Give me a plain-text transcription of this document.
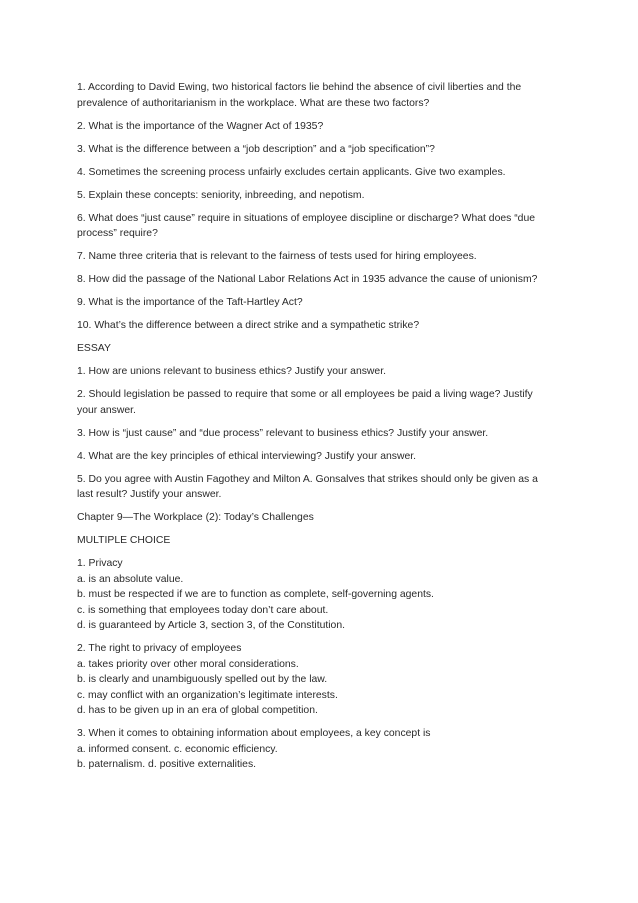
1. According to David Ewing, two historical factors lie behind the absence of civil liberties and the
prevalence of authoritarianism in the workplace. What are these two factors?
2. What is the importance of the Wagner Act of 1935?
3. What is the difference between a “job description” and a “job specification”?
4. Sometimes the screening process unfairly excludes certain applicants. Give two examples.
5. Explain these concepts: seniority, inbreeding, and nepotism.
6. What does “just cause” require in situations of employee discipline or discharge? What does “due
process” require?
7. Name three criteria that is relevant to the fairness of tests used for hiring employees.
8. How did the passage of the National Labor Relations Act in 1935 advance the cause of unionism?
9. What is the importance of the Taft-Hartley Act?
10. What’s the difference between a direct strike and a sympathetic strike?
ESSAY
1. How are unions relevant to business ethics? Justify your answer.
2. Should legislation be passed to require that some or all employees be paid a living wage? Justify
your answer.
3. How is “just cause” and “due process” relevant to business ethics? Justify your answer.
4. What are the key principles of ethical interviewing? Justify your answer.
5. Do you agree with Austin Fagothey and Milton A. Gonsalves that strikes should only be given as a
last result? Justify your answer.
Chapter 9—The Workplace (2): Today’s Challenges
MULTIPLE CHOICE
1. Privacy
a. is an absolute value.
b. must be respected if we are to function as complete, self-governing agents.
c. is something that employees today don’t care about.
d. is guaranteed by Article 3, section 3, of the Constitution.
2. The right to privacy of employees
a. takes priority over other moral considerations.
b. is clearly and unambiguously spelled out by the law.
c. may conflict with an organization’s legitimate interests.
d. has to be given up in an era of global competition.
3. When it comes to obtaining information about employees, a key concept is
a. informed consent. c. economic efficiency.
b. paternalism. d. positive externalities.
